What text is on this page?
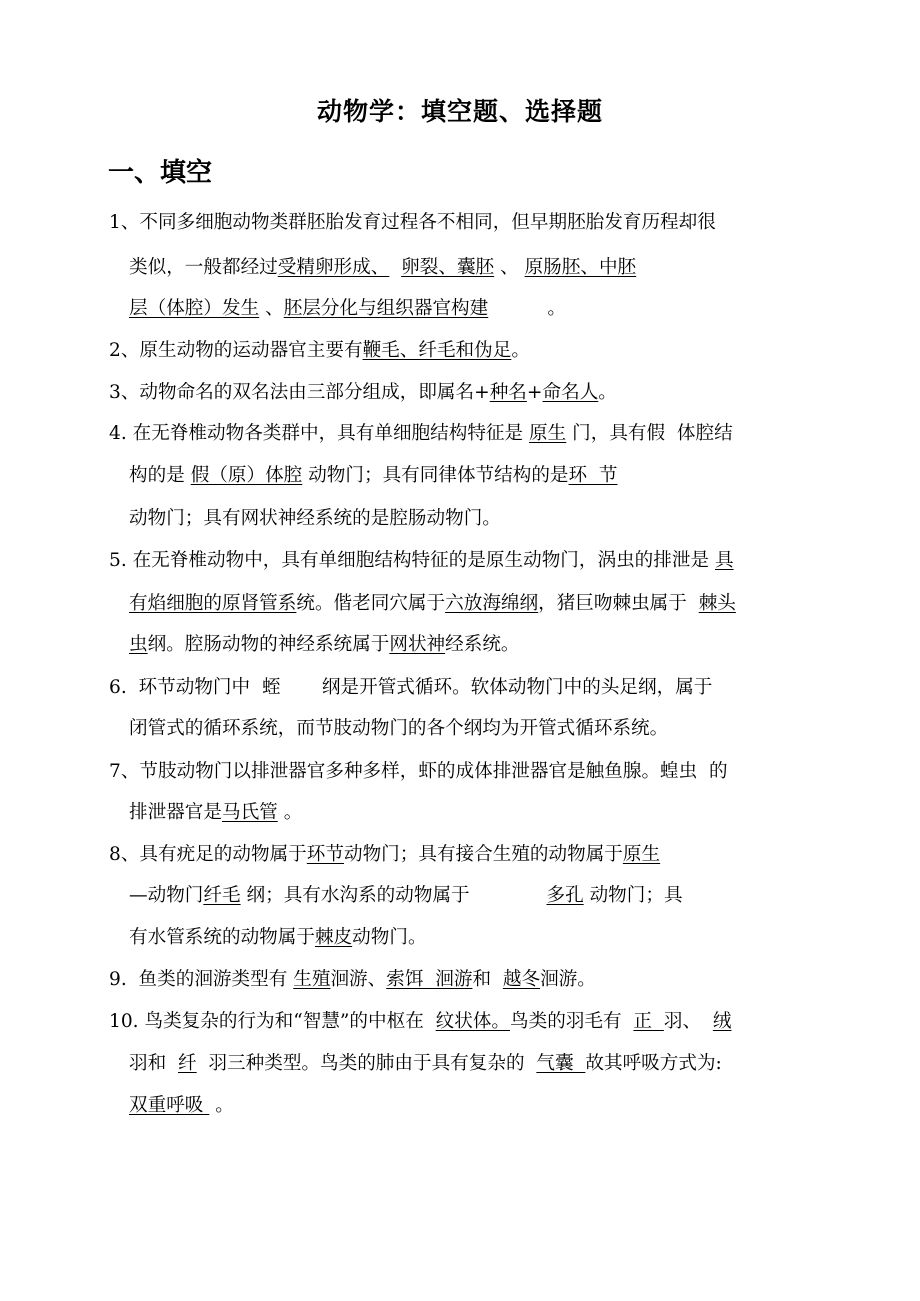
动物学：填空题、选择题
一、填空
1、不同多细胞动物类群胚胎发育过程各不相同，但早期胚胎发育历程却很
类似，一般都经过受精卵形成、 卵裂、囊胚 、 原肠胚、中胚
层（体腔）发生 、胚层分化与组织器官构建          。
2、原生动物的运动器官主要有鞭毛、纤毛和伪足。
3、动物命名的双名法由三部分组成，即属名+种名+命名人。
4. 在无脊椎动物各类群中，具有单细胞结构特征是 原生 门，具有假  体腔结
构的是 假（原）体腔 动物门；具有同律体节结构的是环  节
动物门；具有网状神经系统的是腔肠动物门。
5. 在无脊椎动物中，具有单细胞结构特征的是原生动物门，涡虫的排泄是 具
有焰细胞的原肾管系统。偕老同穴属于六放海绵纲，猪巨吻棘虫属于  棘头
虫纲。腔肠动物的神经系统属于网状神经系统。
6.  环节动物门中  蛭       纲是开管式循环。软体动物门中的头足纲，属于
闭管式的循环系统，而节肢动物门的各个纲均为开管式循环系统。
7、节肢动物门以排泄器官多种多样，虾的成体排泄器官是触鱼腺。蝗虫  的
排泄器官是马氏管 。
8、具有疣足的动物属于环节动物门；具有接合生殖的动物属于原生
—动物门纤毛 纲；具有水沟系的动物属于             多孔 动物门；具
有水管系统的动物属于棘皮动物门。
9.  鱼类的洄游类型有 生殖洄游、索饵  洄游和  越冬洄游。
10. 鸟类复杂的行为和“智慧”的中枢在  纹状体。鸟类的羽毛有  正  羽、  绒
羽和  纤  羽三种类型。鸟类的肺由于具有复杂的  气囊  故其呼吸方式为:
双重呼吸  。
